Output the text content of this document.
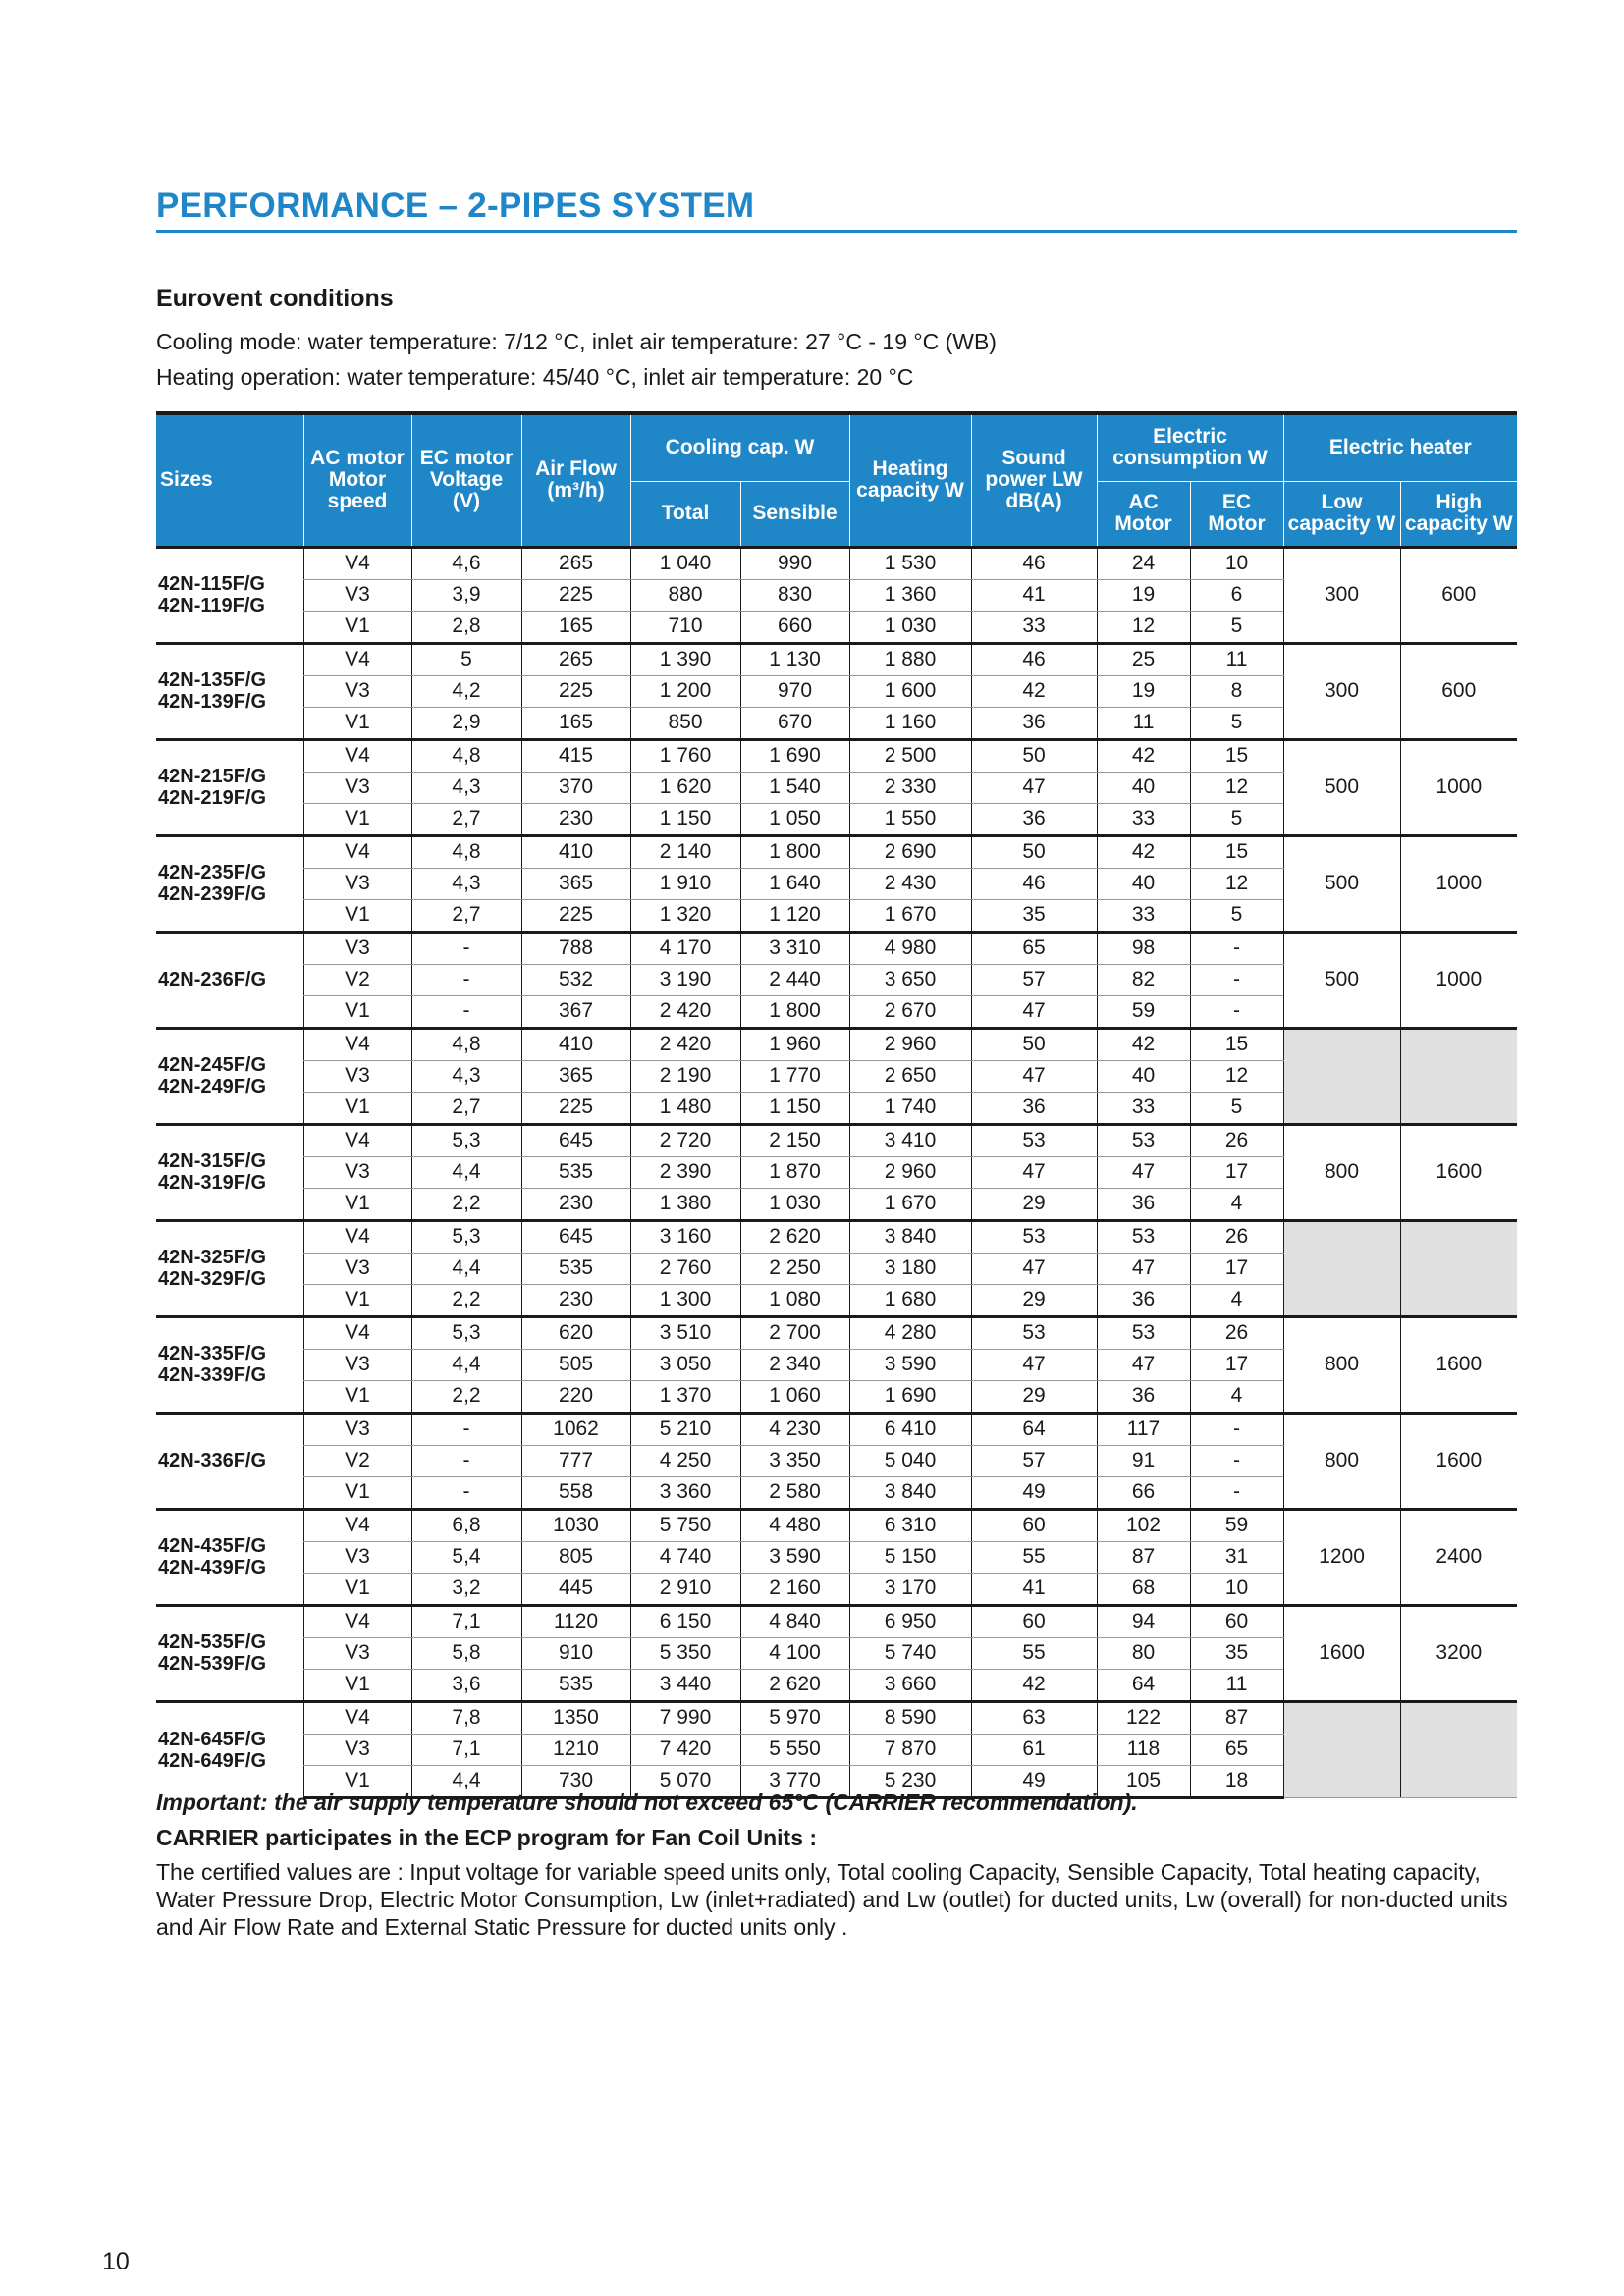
PERFORMANCE – 2-PIPES SYSTEM
Eurovent conditions
Cooling mode: water temperature: 7/12 °C, inlet air temperature: 27 °C - 19 °C (WB)
Heating operation: water temperature: 45/40 °C, inlet air temperature: 20 °C
Sizes	AC motor Motor speed	EC motor Voltage (V)	Air Flow (m³/h)	Cooling cap. W		Heating capacity W	Sound power LW dB(A)	Electric consumption W		Electric heater	
				Total	Sensible			AC Motor	EC Motor	Low capacity W	High capacity W

42N-115F/G
42N-119F/G	V4	4,6	265	1 040	990	1 530	46	24	10	300	600
	V3	3,9	225	880	830	1 360	41	19	6		
	V1	2,8	165	710	660	1 030	33	12	5		

42N-135F/G
42N-139F/G	V4	5	265	1 390	1 130	1 880	46	25	11	300	600
	V3	4,2	225	1 200	970	1 600	42	19	8		
	V1	2,9	165	850	670	1 160	36	11	5		

42N-215F/G
42N-219F/G	V4	4,8	415	1 760	1 690	2 500	50	42	15	500	1000
	V3	4,3	370	1 620	1 540	2 330	47	40	12		
	V1	2,7	230	1 150	1 050	1 550	36	33	5		

42N-235F/G
42N-239F/G	V4	4,8	410	2 140	1 800	2 690	50	42	15	500	1000
	V3	4,3	365	1 910	1 640	2 430	46	40	12		
	V1	2,7	225	1 320	1 120	1 670	35	33	5		

42N-236F/G	V3	-	788	4 170	3 310	4 980	65	98	-	500	1000
	V2	-	532	3 190	2 440	3 650	57	82	-		
	V1	-	367	2 420	1 800	2 670	47	59	-		

42N-245F/G
42N-249F/G	V4	4,8	410	2 420	1 960	2 960	50	42	15		
	V3	4,3	365	2 190	1 770	2 650	47	40	12		
	V1	2,7	225	1 480	1 150	1 740	36	33	5		

42N-315F/G
42N-319F/G	V4	5,3	645	2 720	2 150	3 410	53	53	26	800	1600
	V3	4,4	535	2 390	1 870	2 960	47	47	17		
	V1	2,2	230	1 380	1 030	1 670	29	36	4		

42N-325F/G
42N-329F/G	V4	5,3	645	3 160	2 620	3 840	53	53	26		
	V3	4,4	535	2 760	2 250	3 180	47	47	17		
	V1	2,2	230	1 300	1 080	1 680	29	36	4		

42N-335F/G
42N-339F/G	V4	5,3	620	3 510	2 700	4 280	53	53	26	800	1600
	V3	4,4	505	3 050	2 340	3 590	47	47	17		
	V1	2,2	220	1 370	1 060	1 690	29	36	4		

42N-336F/G	V3	-	1062	5 210	4 230	6 410	64	117	-	800	1600
	V2	-	777	4 250	3 350	5 040	57	91	-		
	V1	-	558	3 360	2 580	3 840	49	66	-		

42N-435F/G
42N-439F/G	V4	6,8	1030	5 750	4 480	6 310	60	102	59	1200	2400
	V3	5,4	805	4 740	3 590	5 150	55	87	31		
	V1	3,2	445	2 910	2 160	3 170	41	68	10		

42N-535F/G
42N-539F/G	V4	7,1	1120	6 150	4 840	6 950	60	94	60	1600	3200
	V3	5,8	910	5 350	4 100	5 740	55	80	35		
	V1	3,6	535	3 440	2 620	3 660	42	64	11		

42N-645F/G
42N-649F/G	V4	7,8	1350	7 990	5 970	8 590	63	122	87		
	V3	7,1	1210	7 420	5 550	7 870	61	118	65		
	V1	4,4	730	5 070	3 770	5 230	49	105	18		
Important: the air supply temperature should not exceed 65°C (CARRIER recommendation).
CARRIER participates in the ECP program for Fan Coil Units :
The certified values are : Input voltage for variable speed units only, Total cooling Capacity, Sensible Capacity, Total heating capacity, Water Pressure Drop, Electric Motor Consumption, Lw (inlet+radiated) and Lw (outlet) for ducted units, Lw (overall) for non-ducted units and Air Flow Rate and External Static Pressure for ducted units only .
10
